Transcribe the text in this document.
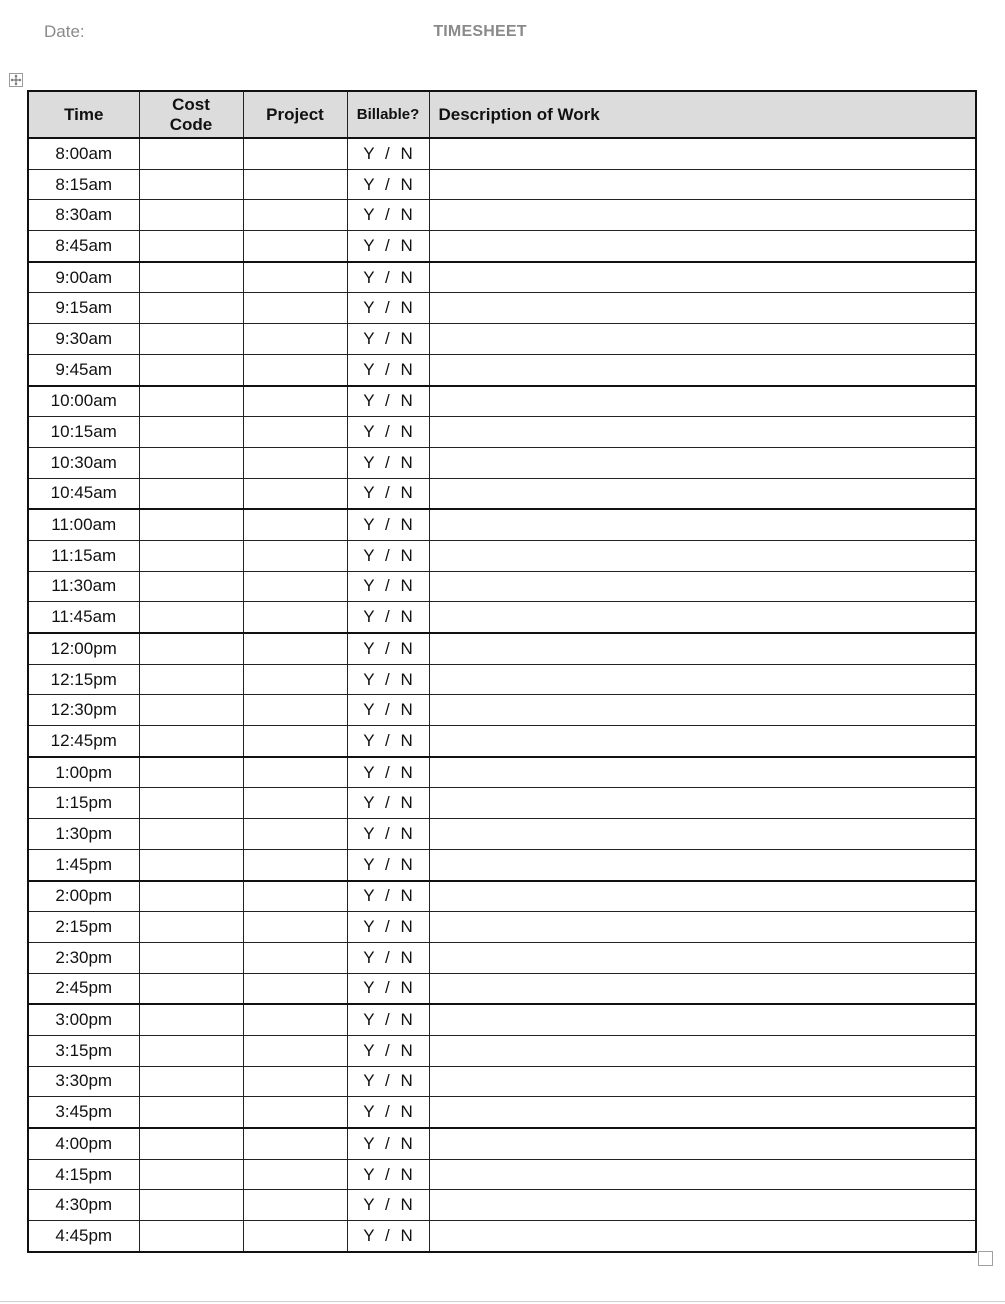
Date:	TIMESHEET
Time	Cost Code	Project	Billable?	Description of Work
8:00am			Y / N	
8:15am			Y / N	
8:30am			Y / N	
8:45am			Y / N	
9:00am			Y / N	
9:15am			Y / N	
9:30am			Y / N	
9:45am			Y / N	
10:00am			Y / N	
10:15am			Y / N	
10:30am			Y / N	
10:45am			Y / N	
11:00am			Y / N	
11:15am			Y / N	
11:30am			Y / N	
11:45am			Y / N	
12:00pm			Y / N	
12:15pm			Y / N	
12:30pm			Y / N	
12:45pm			Y / N	
1:00pm			Y / N	
1:15pm			Y / N	
1:30pm			Y / N	
1:45pm			Y / N	
2:00pm			Y / N	
2:15pm			Y / N	
2:30pm			Y / N	
2:45pm			Y / N	
3:00pm			Y / N	
3:15pm			Y / N	
3:30pm			Y / N	
3:45pm			Y / N	
4:00pm			Y / N	
4:15pm			Y / N	
4:30pm			Y / N	
4:45pm			Y / N	
